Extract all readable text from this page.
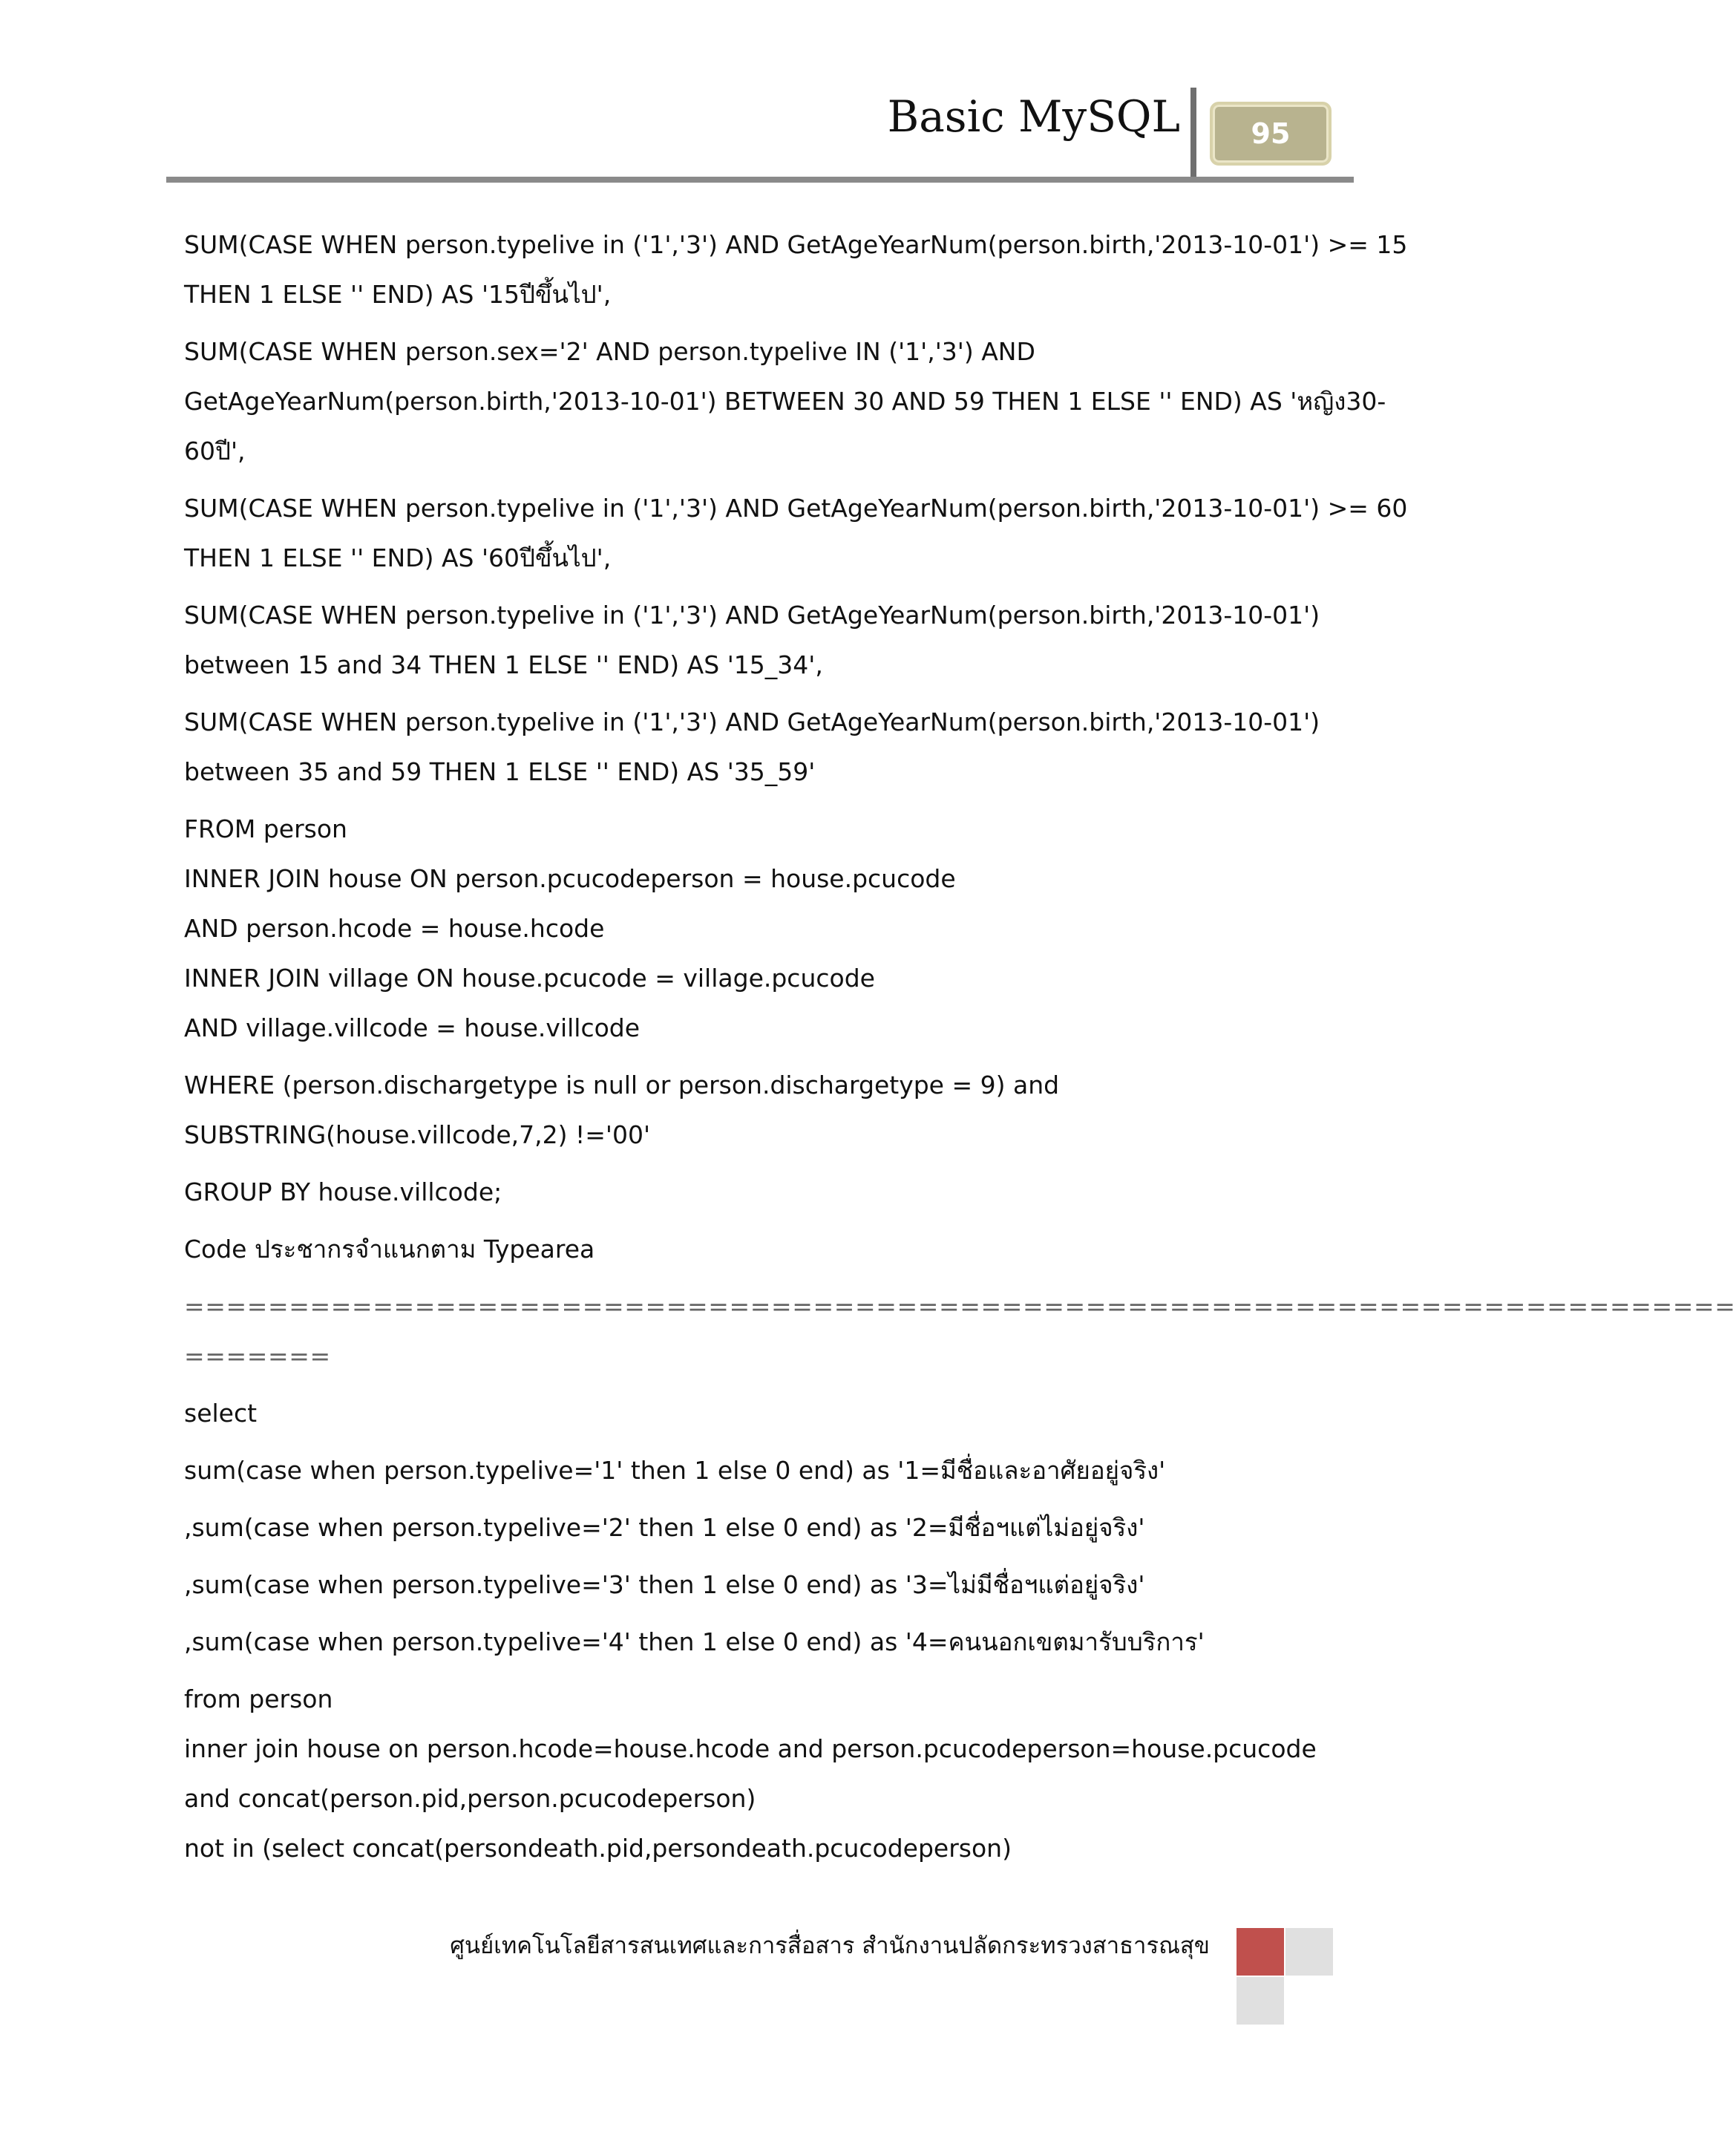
Basic MySQL	95
SUM(CASE WHEN person.typelive in ('1','3') AND GetAgeYearNum(person.birth,'2013-10-01') >= 15
THEN 1 ELSE '' END) AS '15ปีขึ้นไป',
SUM(CASE WHEN person.sex='2' AND person.typelive IN ('1','3') AND
GetAgeYearNum(person.birth,'2013-10-01') BETWEEN 30 AND 59 THEN 1 ELSE '' END) AS 'หญิง30-
60ปี',
SUM(CASE WHEN person.typelive in ('1','3') AND GetAgeYearNum(person.birth,'2013-10-01') >= 60
THEN 1 ELSE '' END) AS '60ปีขึ้นไป',
SUM(CASE WHEN person.typelive in ('1','3') AND GetAgeYearNum(person.birth,'2013-10-01')
between 15 and 34 THEN 1 ELSE '' END) AS '15_34',
SUM(CASE WHEN person.typelive in ('1','3') AND GetAgeYearNum(person.birth,'2013-10-01')
between 35 and 59 THEN 1 ELSE '' END) AS '35_59'
FROM person
INNER JOIN house ON person.pcucodeperson = house.pcucode
AND person.hcode = house.hcode
INNER JOIN village ON house.pcucode = village.pcucode
AND village.villcode = house.villcode
WHERE (person.dischargetype is null or person.dischargetype = 9) and
SUBSTRING(house.villcode,7,2) !='00'
GROUP BY house.villcode;
Code ประชากรจำแนกตาม Typearea
==========================================================================
=======
select
sum(case when person.typelive='1' then 1 else 0 end) as '1=มีชื่อและอาศัยอยู่จริง'
,sum(case when person.typelive='2' then 1 else 0 end) as '2=มีชื่อฯแต่ไม่อยู่จริง'
,sum(case when person.typelive='3' then 1 else 0 end) as '3=ไม่มีชื่อฯแต่อยู่จริง'
,sum(case when person.typelive='4' then 1 else 0 end) as '4=คนนอกเขตมารับบริการ'
from person
inner join house on person.hcode=house.hcode and person.pcucodeperson=house.pcucode
and concat(person.pid,person.pcucodeperson)
not in (select concat(persondeath.pid,persondeath.pcucodeperson)
ศูนย์เทคโนโลยีสารสนเทศและการสื่อสาร สำนักงานปลัดกระทรวงสาธารณสุข
